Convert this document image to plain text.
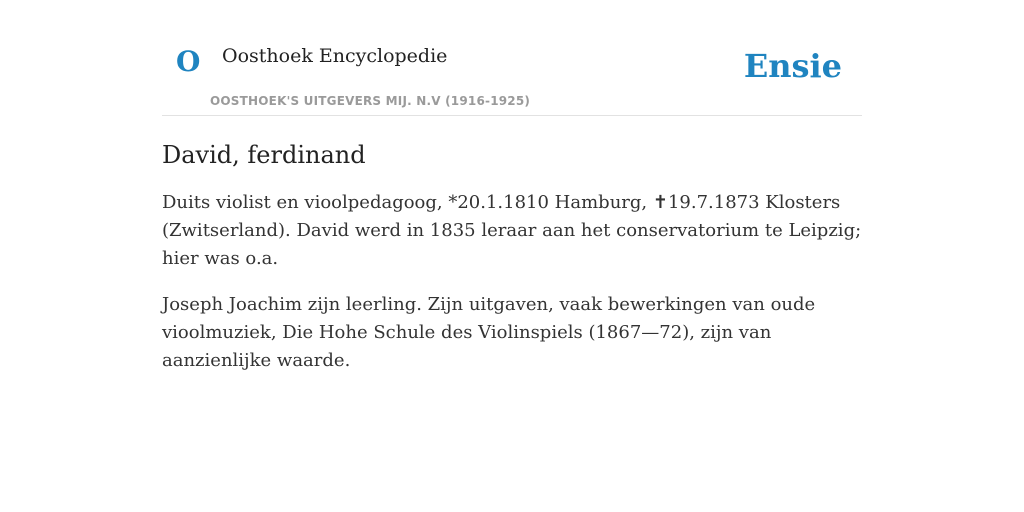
O Oosthoek Encyclopedie
OOSTHOEK'S UITGEVERS MIJ. N.V (1916-1925)
Ensie
David, ferdinand

Duits violist en vioolpedagoog, *20.1.1810 Hamburg, ✝19.7.1873 Klosters (Zwitserland). David werd in 1835 leraar aan het conservatorium te Leipzig; hier was o.a.

Joseph Joachim zijn leerling. Zijn uitgaven, vaak bewerkingen van oude vioolmuziek, Die Hohe Schule des Violinspiels (1867—72), zijn van aanzienlijke waarde.
